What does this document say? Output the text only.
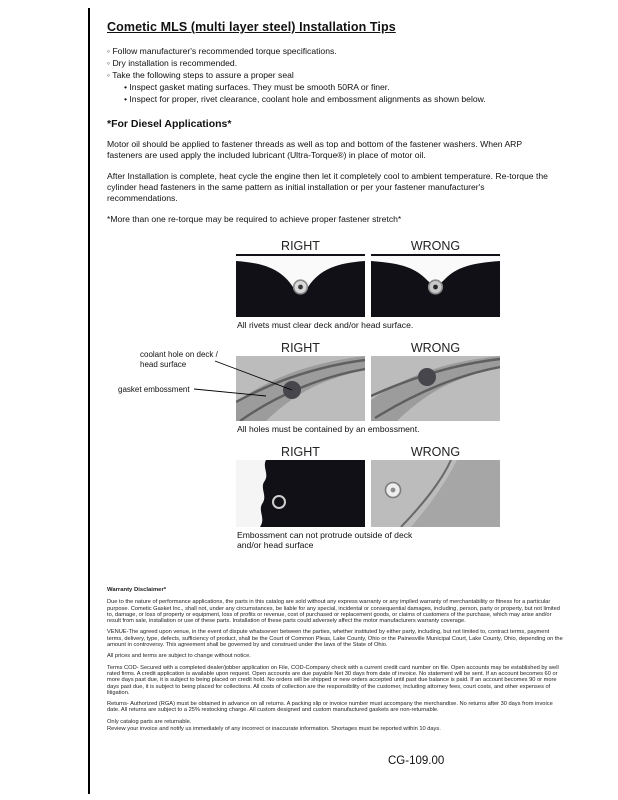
Cometic MLS (multi layer steel) Installation Tips
◦ Follow manufacturer's recommended torque specifications.
◦ Dry installation is recommended.
◦ Take the following steps to assure a proper seal
• Inspect gasket mating surfaces. They must be smooth 50RA or finer.
• Inspect for proper, rivet clearance, coolant hole and embossment alignments as shown below.
*For Diesel Applications*

Motor oil should be applied to fastener threads as well as top and bottom of the fastener washers. When ARP fasteners are used apply the included lubricant (Ultra-Torque®) in place of motor oil.

After Installation is complete, heat cycle the engine then let it completely cool to ambient temperature. Re-torque the cylinder head fasteners in the same pattern as initial installation or per your fastener manufacturer's recommendations.

*More than one re-torque may be required to achieve proper fastener stretch*

RIGHT	WRONG

All rivets must clear deck and/or head surface.

RIGHT	WRONG
coolant hole on deck / head surface
gasket embossment

All holes must be contained by an embossment.

RIGHT	WRONG

Embossment can not protrude outside of deck and/or head surface

Warranty Disclaimer*

Due to the nature of performance applications, the parts in this catalog are sold without any express warranty or any implied warranty of merchantability or fitness for a particular purpose. Cometic Gasket Inc., shall not, under any circumstances, be liable for any special, incidental or consequential damages, including, person, party or property, but not limited to, damage, or loss of property or equipment, loss of profits or revenue, cost of purchased or replacement goods, or claims of customers of the purchase, which may arise and/or result from sale, installation or use of these parts. Installation of these parts could adversely affect the motor manufacturers warranty coverage.

VENUE-The agreed upon venue, in the event of dispute whatsoever between the parties, whether instituted by either party, including, but not limited to, contract terms, payment terms, delivery, type, defects, sufficiency of product, shall be the Court of Common Pleas, Lake County, Ohio or the Painesville Municipal Court, Lake County, Ohio, depending on the amount in controversy. This agreement shall be governed by and construed under the laws of the State of Ohio.

All prices and terms are subject to change without notice.

Terms COD- Secured with a completed dealer/jobber application on File, COD-Company check with a current credit card number on file. Open accounts may be established by well rated firms. A credit application is available upon request. Open accounts are due payable Net 30 days from date of invoice. No statement will be sent. If an account becomes 60 or more days past due, it is subject to being placed on credit hold. No orders will be shipped or new orders accepted until past due balance is paid. If an account becomes 90 or more days past due, it is subject to being placed for collections. All costs of collection are the responsibility of the customer, including attorney fees, court costs, and other expenses of litigation.

Returns- Authorized (RGA) must be obtained in advance on all returns. A packing slip or invoice number must accompany the merchandise. No returns after 30 days from invoice date. All returns are subject to a 25% restocking charge. All custom designed and custom manufactured gaskets are non-returnable.

Only catalog parts are returnable.

Review your invoice and notify us immediately of any incorrect or inaccurate information. Shortages must be reported within 10 days.

CG-109.00
